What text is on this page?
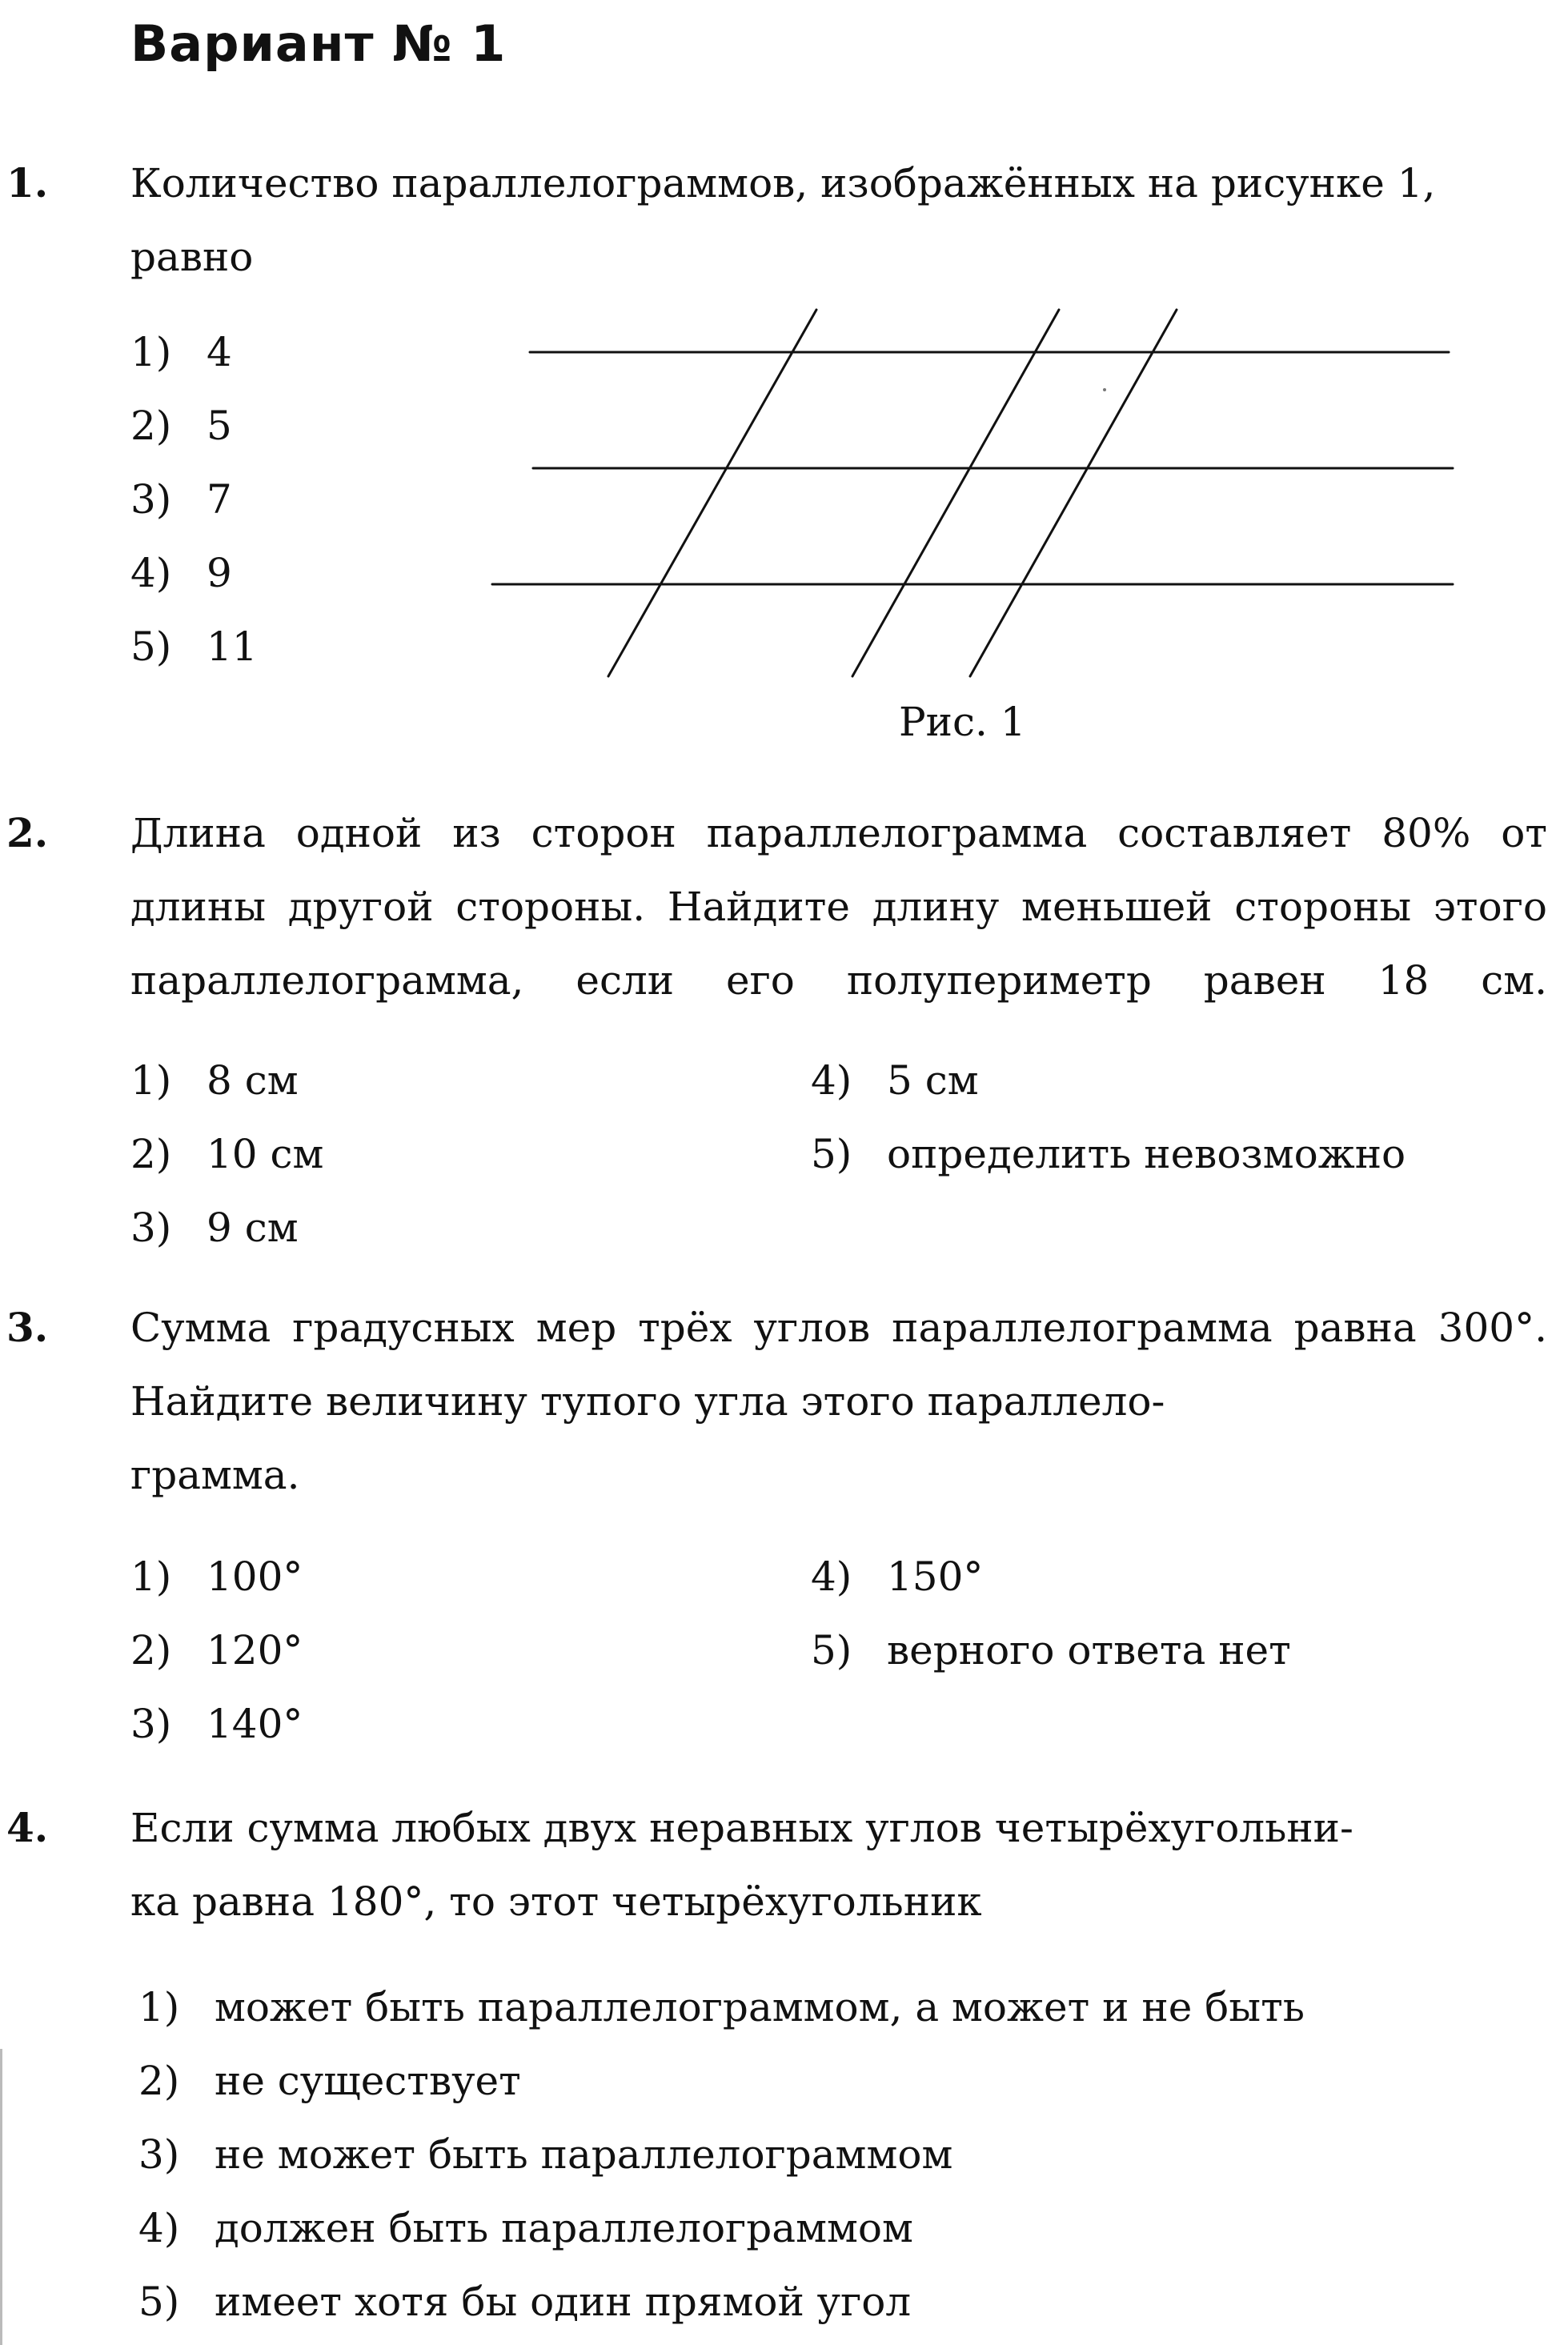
Вариант № 1
1. Количество параллелограммов, изображённых на рисунке 1,
равно
1) 4
2) 5
3) 7
4) 9
5) 11
Рис. 1
2. Длина одной из сторон параллелограмма составляет 80% от длины другой стороны. Найдите длину меньшей стороны этого параллелограмма, если его полупериметр равен 18 см.
1) 8 см
2) 10 см
3) 9 см
4) 5 см
5) определить невозможно
3. Сумма градусных мер трёх углов параллелограмма равна 300°. Найдите величину тупого угла этого параллело-
грамма.
1) 100°
2) 120°
3) 140°
4) 150°
5) верного ответа нет
4. Если сумма любых двух неравных углов четырёхугольни-
ка равна 180°, то этот четырёхугольник
1) может быть параллелограммом, а может и не быть
2) не существует
3) не может быть параллелограммом
4) должен быть параллелограммом
5) имеет хотя бы один прямой угол
